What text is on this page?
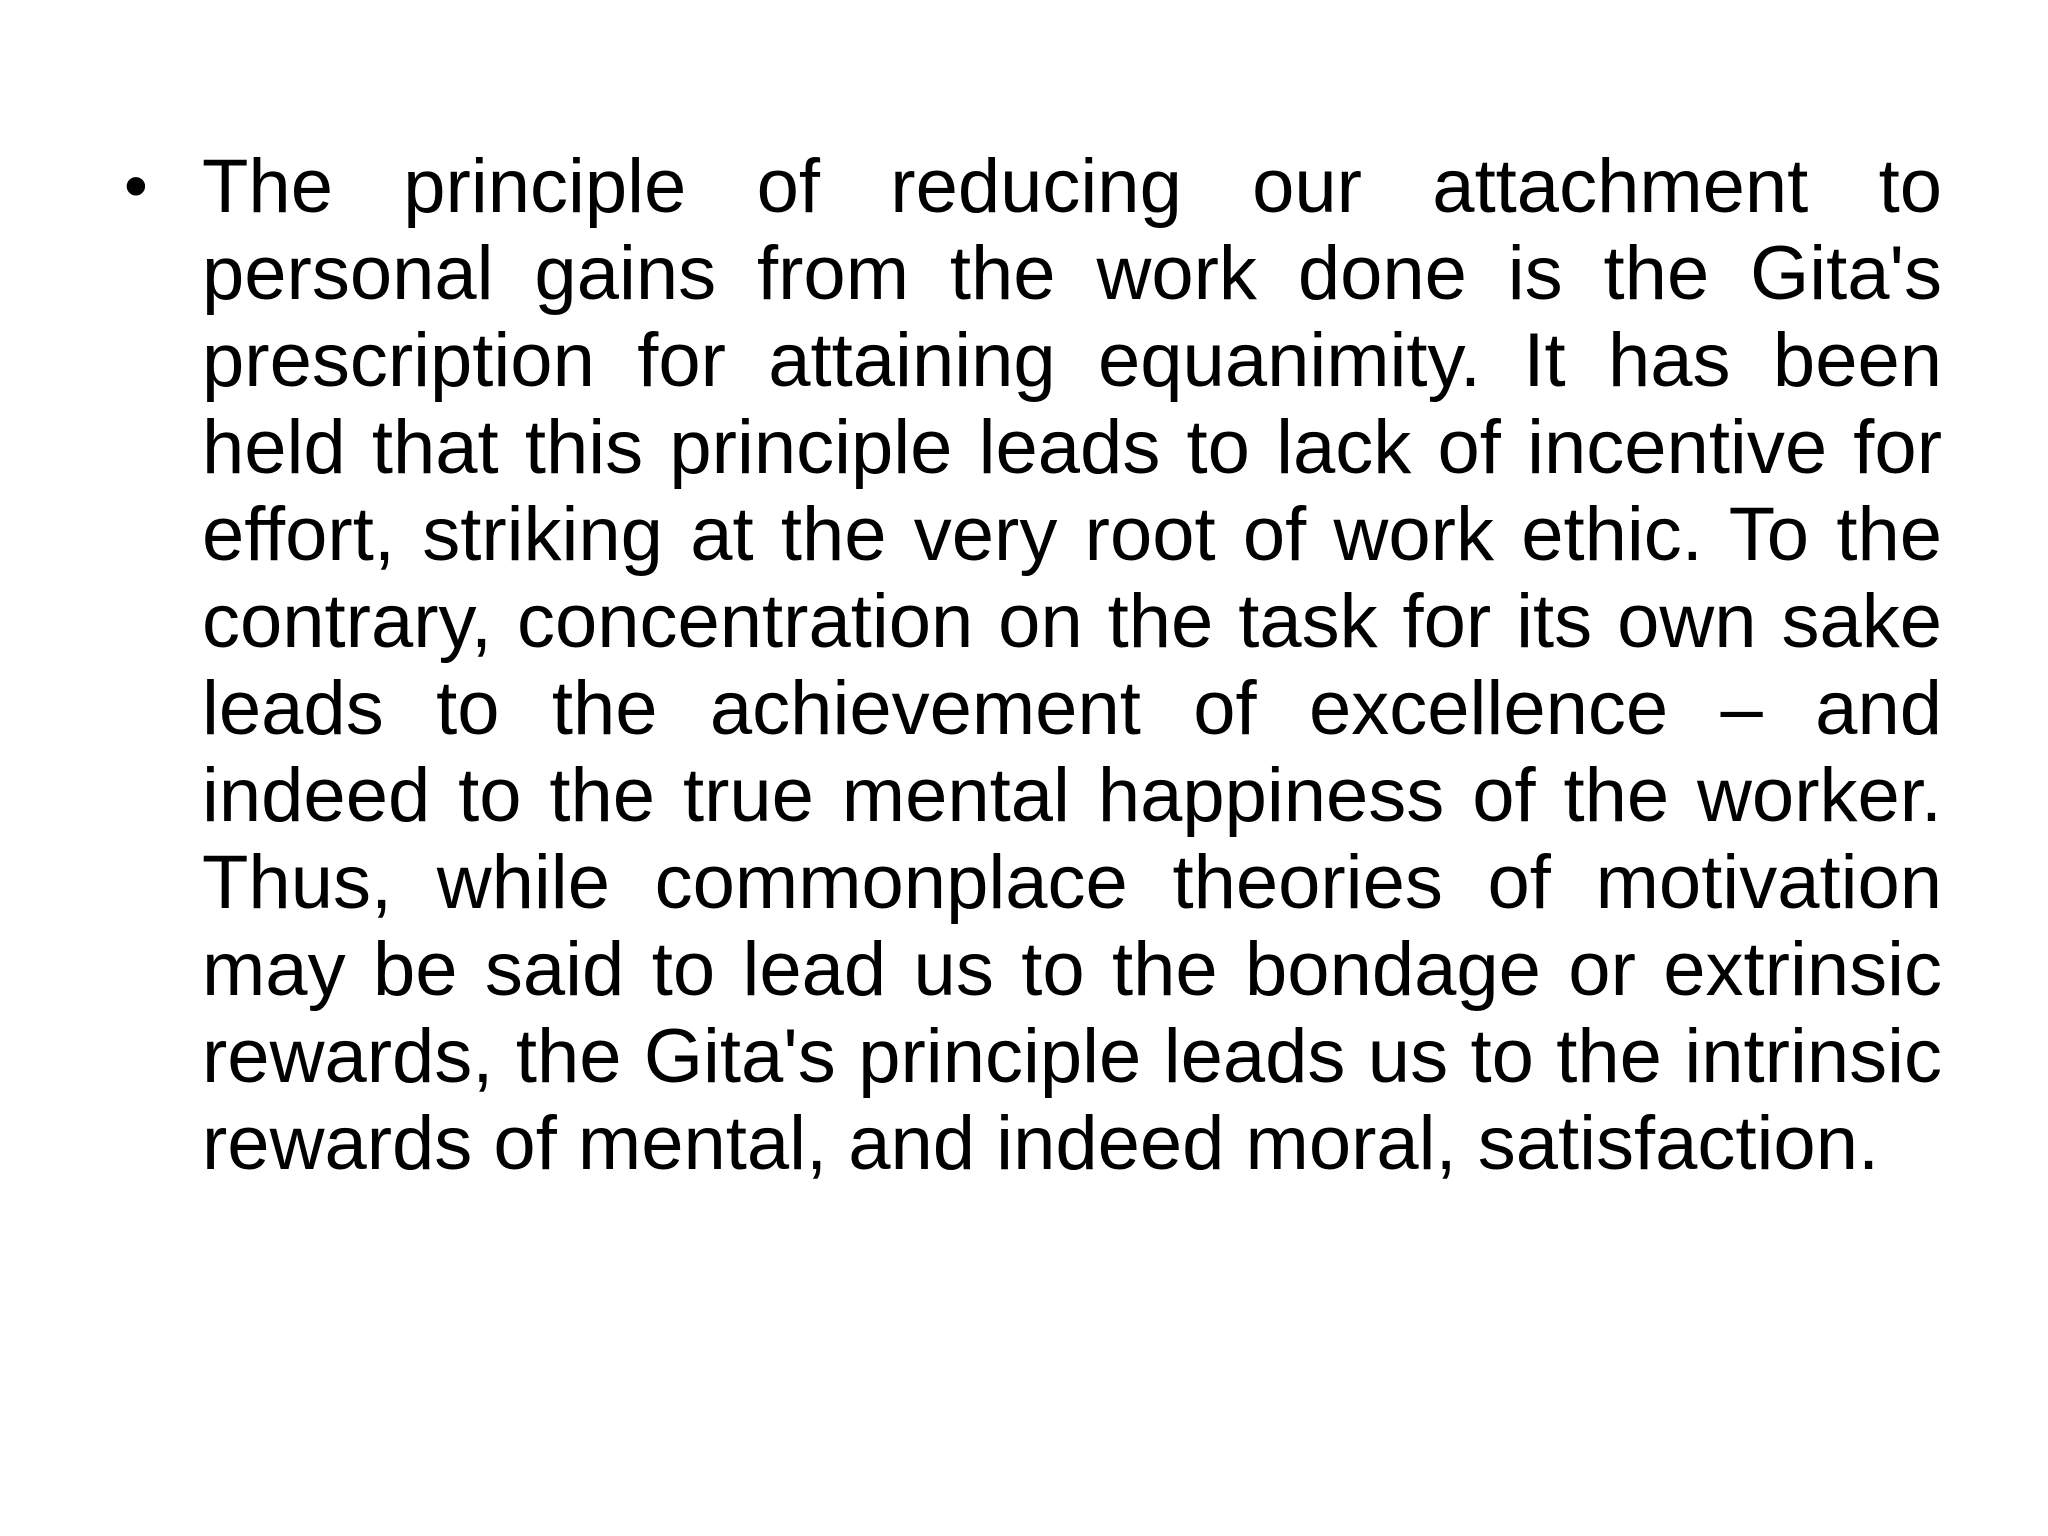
• The principle of reducing our attachment to personal gains from the work done is the Gita's prescription for attaining equanimity. It has been held that this principle leads to lack of incentive for effort, striking at the very root of work ethic. To the contrary, concentration on the task for its own sake leads to the achievement of excellence – and indeed to the true mental happiness of the worker. Thus, while commonplace theories of motivation may be said to lead us to the bondage or extrinsic rewards, the Gita's principle leads us to the intrinsic rewards of mental, and indeed moral, satisfaction.
